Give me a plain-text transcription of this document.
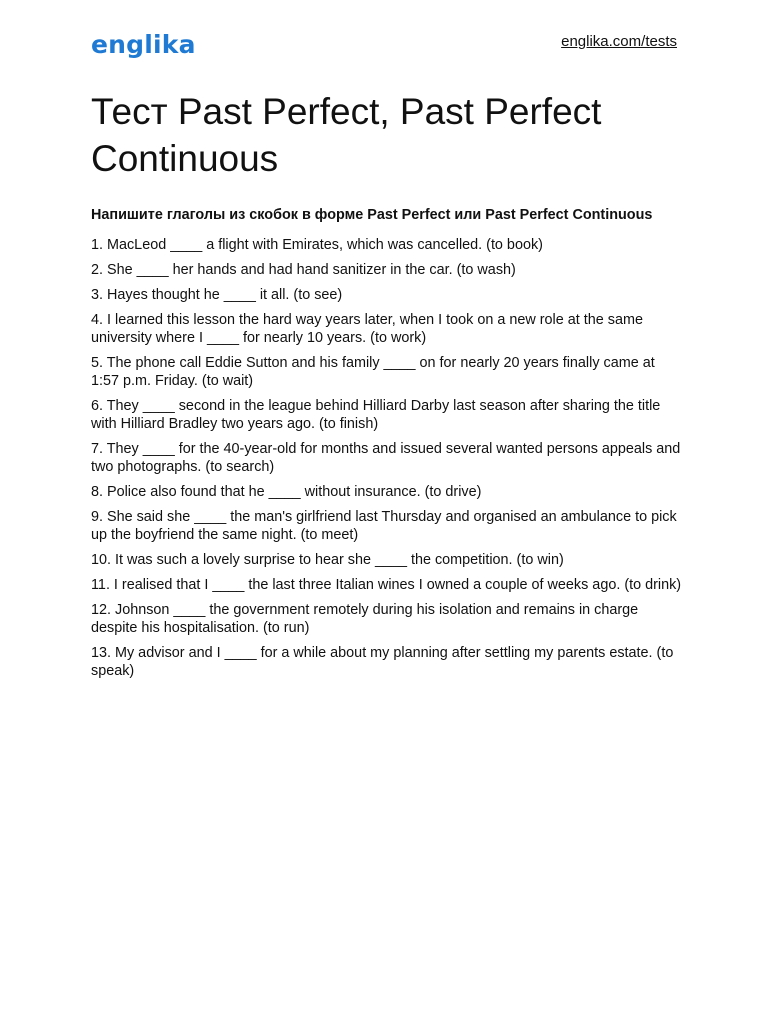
englika	englika.com/tests
Тест Past Perfect, Past Perfect Continuous

Напишите глаголы из скобок в форме Past Perfect или Past Perfect Continuous

1. MacLeod ____ a flight with Emirates, which was cancelled. (to book)
2. She ____ her hands and had hand sanitizer in the car. (to wash)
3. Hayes thought he ____ it all. (to see)
4. I learned this lesson the hard way years later, when I took on a new role at the same university where I ____ for nearly 10 years. (to work)
5. The phone call Eddie Sutton and his family ____ on for nearly 20 years finally came at 1:57 p.m. Friday. (to wait)
6. They ____ second in the league behind Hilliard Darby last season after sharing the title with Hilliard Bradley two years ago. (to finish)
7. They ____ for the 40-year-old for months and issued several wanted persons appeals and two photographs. (to search)
8. Police also found that he ____ without insurance. (to drive)
9. She said she ____ the man's girlfriend last Thursday and organised an ambulance to pick up the boyfriend the same night. (to meet)
10. It was such a lovely surprise to hear she ____ the competition. (to win)
11. I realised that I ____ the last three Italian wines I owned a couple of weeks ago. (to drink)
12. Johnson ____ the government remotely during his isolation and remains in charge despite his hospitalisation. (to run)
13. My advisor and I ____ for a while about my planning after settling my parents estate. (to speak)
